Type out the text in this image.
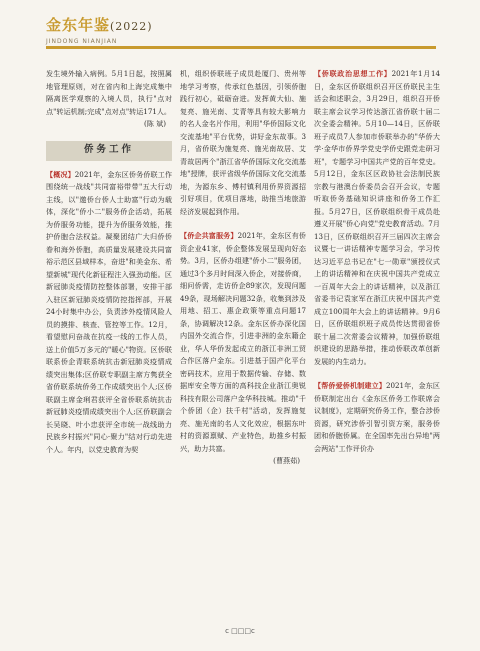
金东年鉴(2022)
JINDONG NIANJIAN

发生境外输入病例。5月1日起，按照属地管理原则，对在省内和上海完成集中隔离医学观察的入境人员，执行"点对点"转运机制;完成"点对点"转运171人。

(陈 斌)

侨务工作

【概况】2021年，金东区侨务侨联工作围绕统一战线"共同富裕带带"五大行动主线，以"邀侨台侨人士助富"行动为载体，深化"侨小二"服务侨企活动，拓展为侨服务功能，提升为侨服务效能，推护侨胞合法权益。凝聚团结广大归侨侨眷和海外侨胞，高质量发展建设共同富裕示范区县域样本，奋进"和美金东、希望新城"现代化新征程注入强劲动能。区新冠肺炎疫情防控整体部署，安排干部入驻区新冠肺炎疫情防控指挥部，开展24小时集中办公，负责涉外疫情风险人员的摸排、核查、管控等工作。12月，看望慰问奋战在抗疫一线的工作人员，送上价值5万多元的"暖心"物资。区侨联联系侨企青联系统抗击新冠肺炎疫情成绩突出集体;区侨联专职副主席方隽获全省侨联系统侨务工作成绩突出个人;区侨联副主席金琍君获评全省侨联系统抗击新冠肺炎疫情成绩突出个人;区侨联副会长吴晓、叶小忠获评全市统一战线助力民族乡村振兴"同心·聚力"结对行动先进个人。年内，以党史教育为契

机，组织侨联班子成员赴厦门、贵州等地学习考察，传承红色基因，引领侨胞践行初心，砥砺奋进。发挥黄大仙、施复亮、施光南、艾青等具有较大影响力的名人金名片作用，利用"华侨国际文化交流基地"平台优势，讲好金东故事。3月，省侨联为施复亮、施光南故居、艾青故居两个"浙江省华侨国际文化交流基地"授牌，获评省级华侨国际文化交流基地，为源东乡、傅村镇利用侨界资源招引好项目，优项目落地，助推当地旅游经济发展起到作用。

【侨企共富服务】2021年，金东区有侨资企业41家，侨企整体发展呈现向好态势。3月，区侨办组建"侨小二"服务团，通过3个多月时间深入侨企，对接侨商，细问侨需，走访侨企89家次，发现问题49条，现场解决问题32条，收集到涉及用地、招工、惠企政策等重点问题17条，协调解决12条。金东区侨办深化国内国外交流合作，引进非洲的金东籍企业，华人华侨发起成立的浙江非洲工贸合作区落户金东。引进基于国产化平台密码技术，应用于数据传输、存储、数据库安全等方面的高科技企业浙江奥锐科技有限公司落户金华科技城。推动"千个侨团（企）扶千村"活动，发挥施复亮、施光南的名人文化效应，根据东叶村的资源禀赋、产业特色，助推乡村振兴，助力共富。

(曹燕茹)

【侨联政治思想工作】2021年1月14日，金东区侨联组织召开区侨联民主生活会和述职会，3月29日，组织召开侨联主席会议学习传达浙江省侨联十届二次全委会精神。5月10—14日，区侨联班子成员7人参加市侨联举办的"华侨大学·金华市侨界学党史学侨史跟党走研习班"，专题学习中国共产党的百年党史。5月12日，金东区区政协社会法制民族宗教与港澳台侨委员会召开会议，专题听取侨务基础知识讲座和侨务工作汇报。5月27日，区侨联组织骨干成员赴遵义开展"侨心向党"党史教育活动。7月13日，区侨联组织召开三届四次主席会议暨七一讲话精神专题学习会，学习传达习近平总书记在"七一勋章"颁授仪式上的讲话精神和在庆祝中国共产党成立一百周年大会上的讲话精神，以及浙江省委书记袁家军在浙江庆祝中国共产党成立100周年大会上的讲话精神。9月6日，区侨联组织班子成员传达贯彻省侨联十届二次常委会议精神，加强侨联组织建设的思路举措，推动侨联改革创新发展的内生动力。

【帮侨爱侨机制建立】2021年，金东区侨联制定出台《金东区侨务工作联席会议制度》，定期研究侨务工作，整合涉侨资源，研究涉侨引智引资方案，服务侨团和侨胞侨属。在全国率先出台异地"两会两站"工作评价办

c □□□c
